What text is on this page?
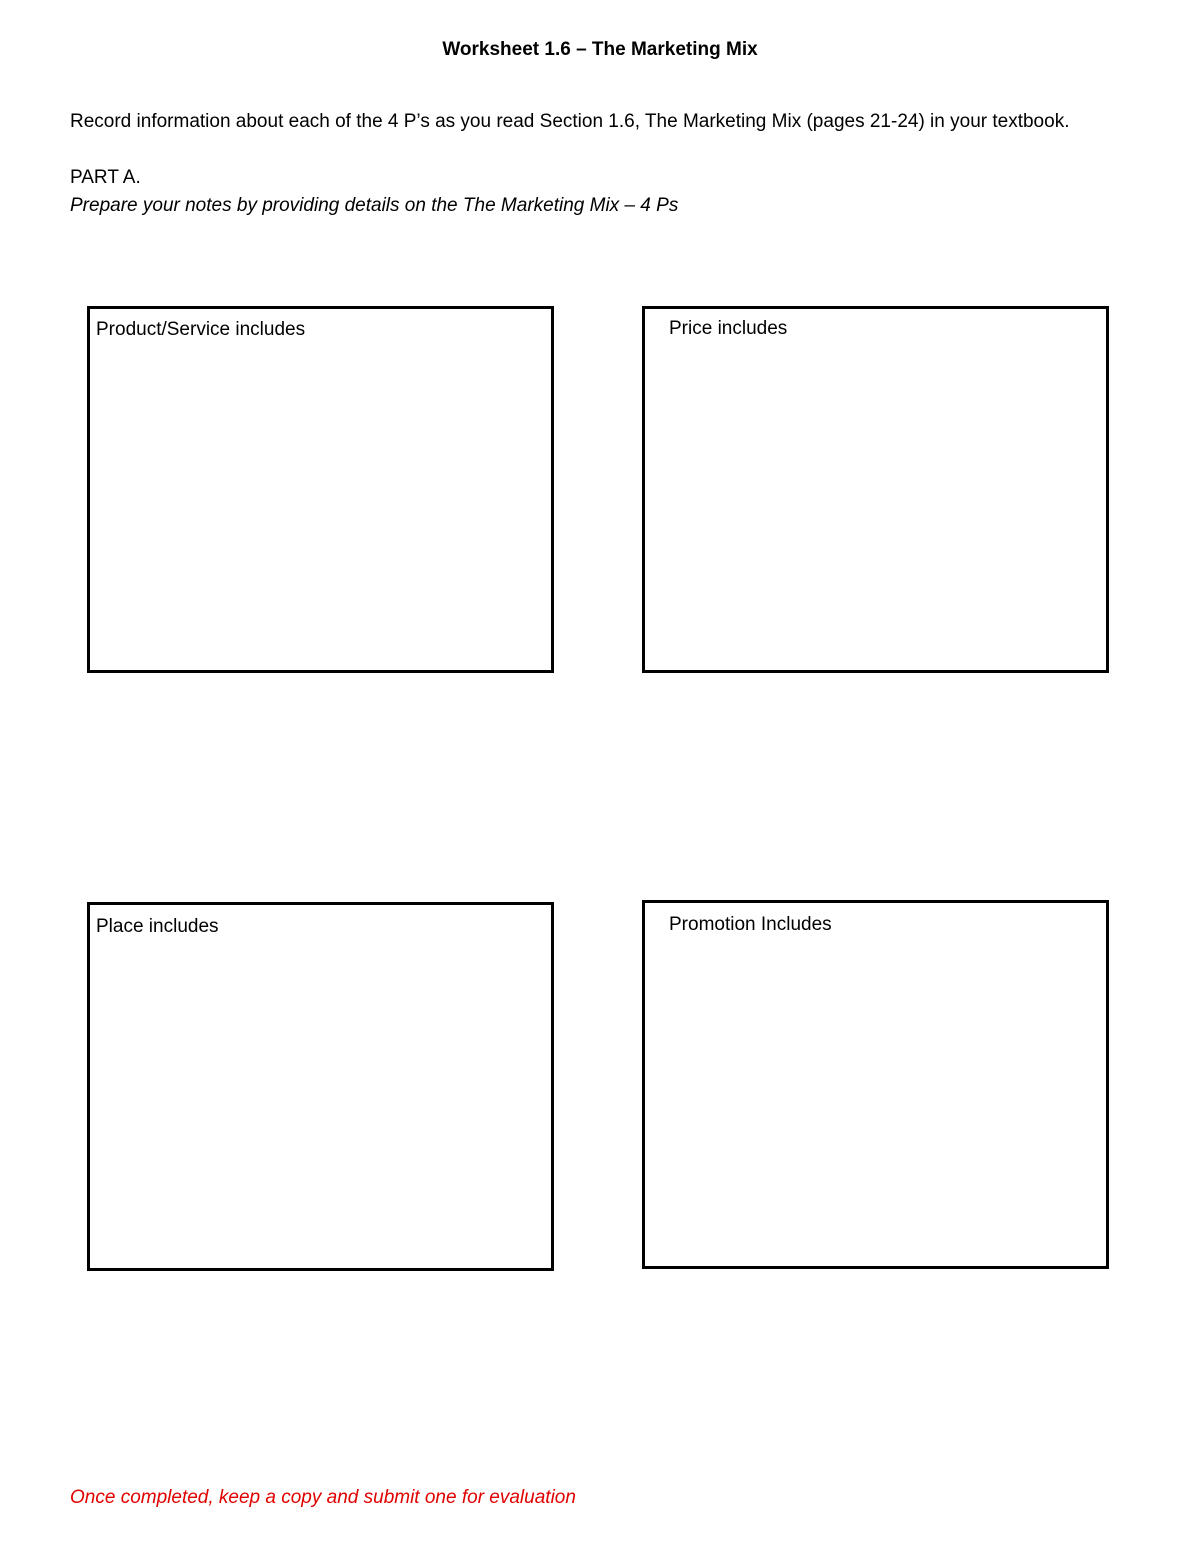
Worksheet 1.6 – The Marketing Mix
Record information about each of the 4 P’s as you read Section 1.6, The Marketing Mix (pages 21-24) in your textbook.
PART A.
Prepare your notes by providing details on the The Marketing Mix – 4 Ps
Product/Service includes	Price includes
Place includes	Promotion Includes
Once completed, keep a copy and submit one for evaluation
